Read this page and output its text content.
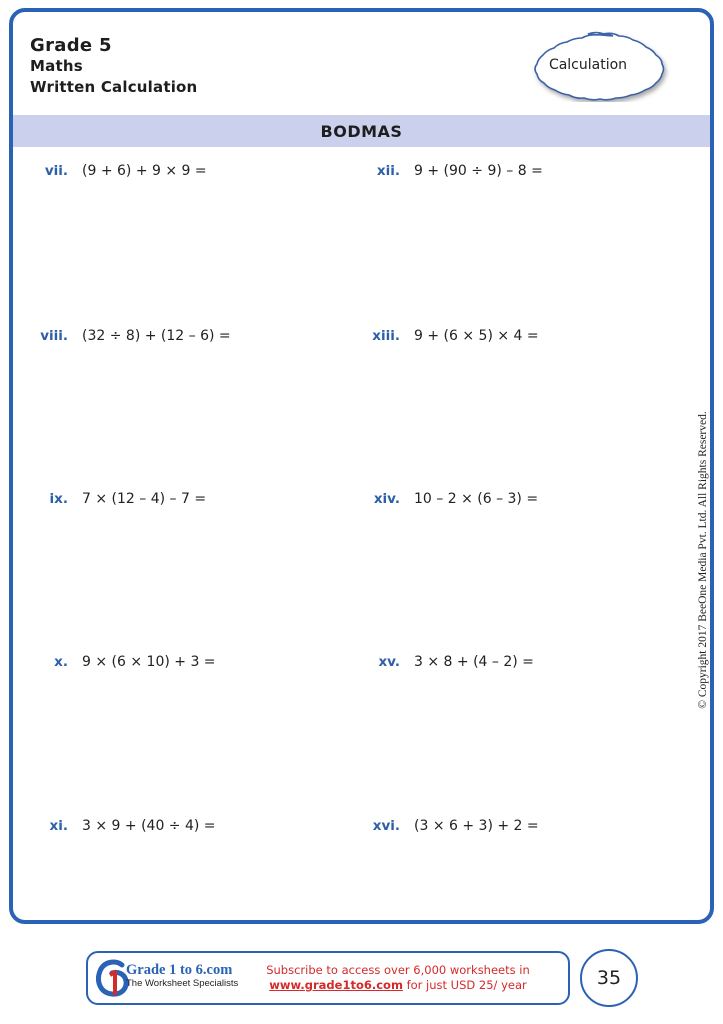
Grade 5
Maths
Written Calculation
Calculation
BODMAS
vii. (9 + 6) + 9 × 9 =
viii. (32 ÷ 8) + (12 – 6) =
ix. 7 × (12 – 4) – 7 =
x. 9 × (6 × 10) + 3 =
xi. 3 × 9 + (40 ÷ 4) =
xii. 9 + (90 ÷ 9) – 8 =
xiii. 9 + (6 × 5) × 4 =
xiv. 10 – 2 × (6 – 3) =
xv. 3 × 8 + (4 – 2) =
xvi. (3 × 6 + 3) + 2 =
© Copyright 2017 BeeOne Media Pvt. Ltd. All Rights Reserved.
Grade 1 to 6.com
The Worksheet Specialists
Subscribe to access over 6,000 worksheets in
www.grade1to6.com for just USD 25/ year	35
